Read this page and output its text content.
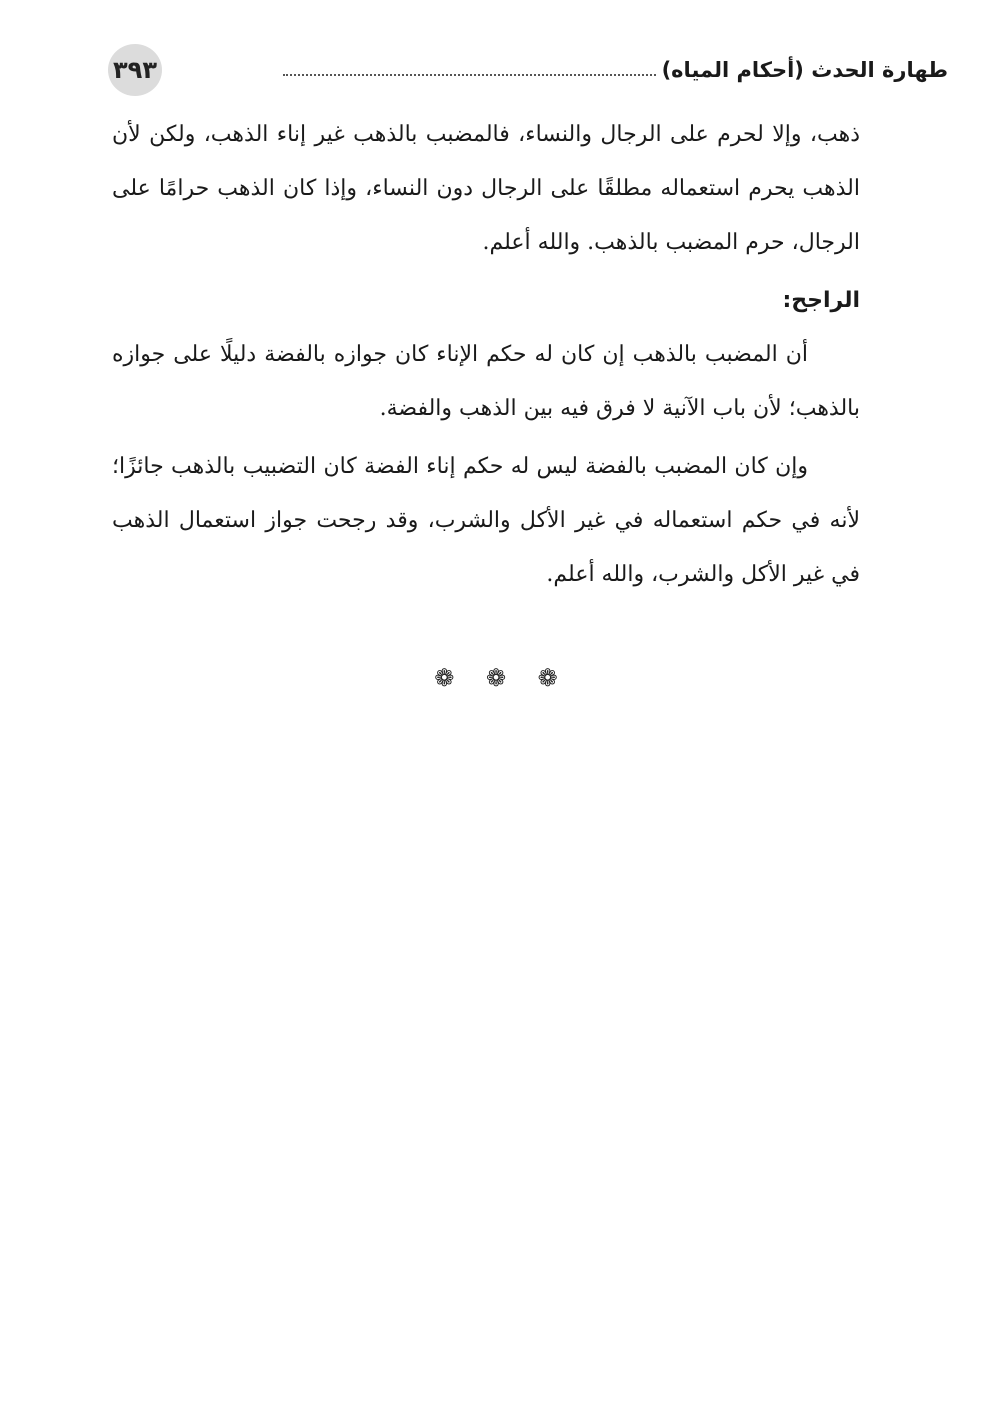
٣٩٣	طهارة الحدث (أحكام المياه)

ذهب، وإلا لحرم على الرجال والنساء، فالمضبب بالذهب غير إناء الذهب، ولكن لأن الذهب يحرم استعماله مطلقًا على الرجال دون النساء، وإذا كان الذهب حرامًا على الرجال، حرم المضبب بالذهب. والله أعلم.

الراجح:

أن المضبب بالذهب إن كان له حكم الإناء كان جوازه بالفضة دليلًا على جوازه بالذهب؛ لأن باب الآنية لا فرق فيه بين الذهب والفضة.

وإن كان المضبب بالفضة ليس له حكم إناء الفضة كان التضبيب بالذهب جائزًا؛ لأنه في حكم استعماله في غير الأكل والشرب، وقد رجحت جواز استعمال الذهب في غير الأكل والشرب، والله أعلم.

❁ ❁ ❁
